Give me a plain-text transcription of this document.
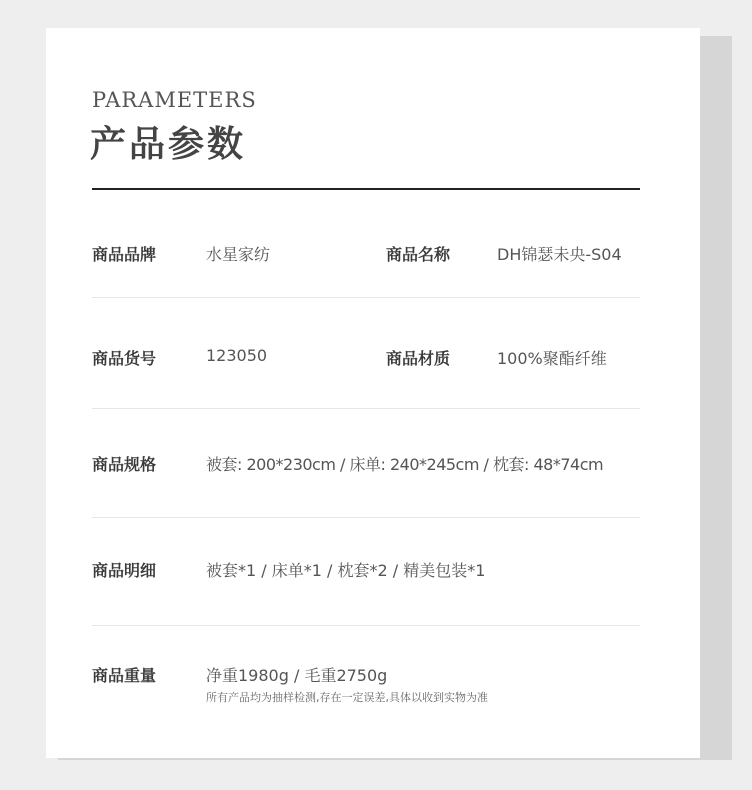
PARAMETERS
产品参数
商品品牌	水星家纺	商品名称	DH锦瑟未央-S04
商品货号	123050	商品材质	100%聚酯纤维
商品规格	被套: 200*230cm / 床单: 240*245cm / 枕套: 48*74cm
商品明细	被套*1 / 床单*1 / 枕套*2 / 精美包装*1
商品重量	净重1980g / 毛重2750g
所有产品均为抽样检测,存在一定误差,具体以收到实物为准
